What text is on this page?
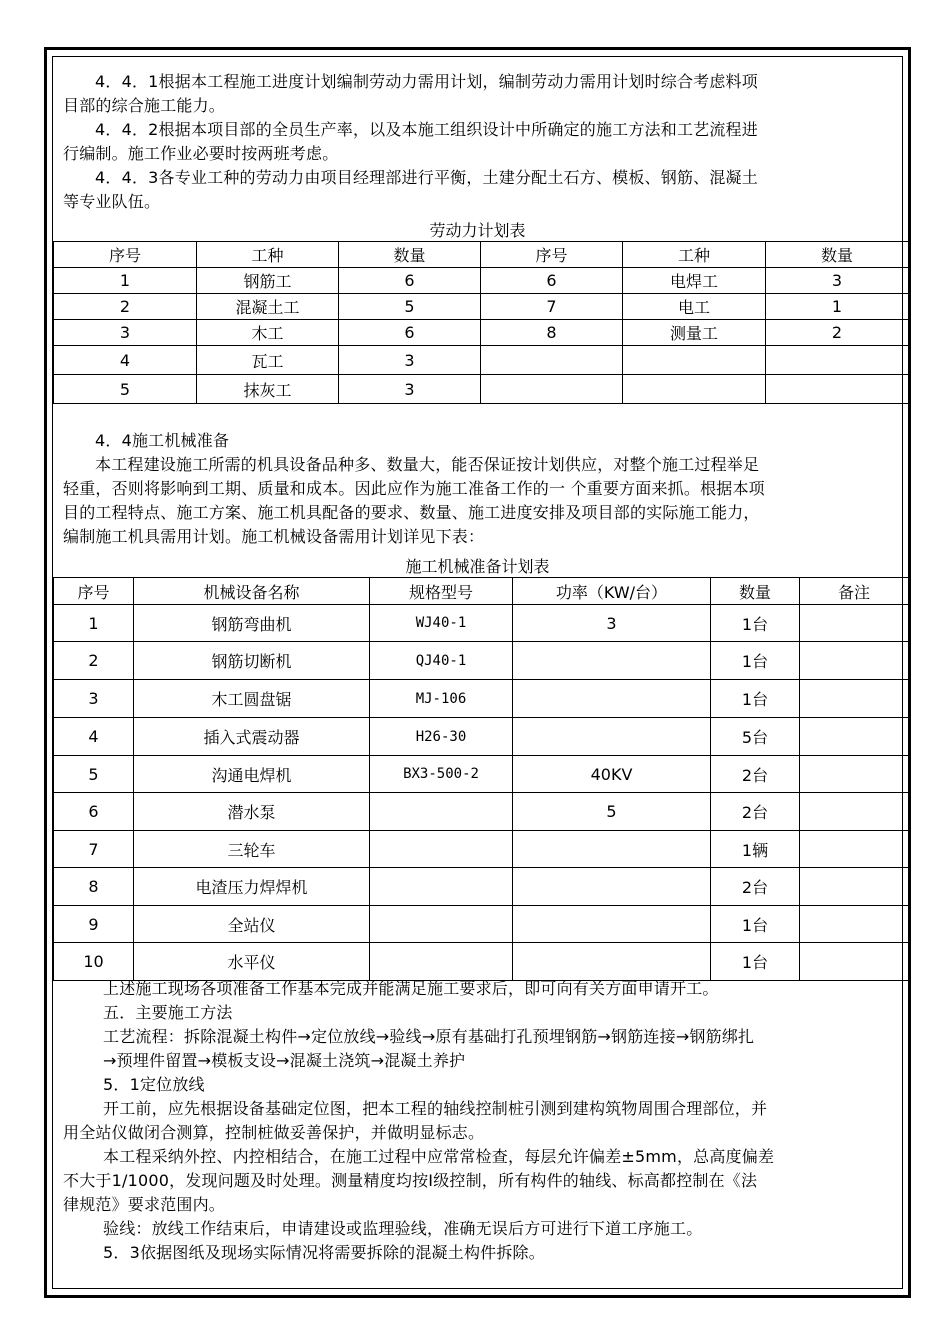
4．4．1根据本工程施工进度计划编制劳动力需用计划，编制劳动力需用计划时综合考虑料项
目部的综合施工能力。
4．4．2根据本项目部的全员生产率，以及本施工组织设计中所确定的施工方法和工艺流程进
行编制。施工作业必要时按两班考虑。
4．4．3各专业工种的劳动力由项目经理部进行平衡，土建分配土石方、模板、钢筋、混凝土
等专业队伍。
劳动力计划表
序号	工种	数量	序号	工种	数量
1	钢筋工	6	6	电焊工	3
2	混凝土工	5	7	电工	1
3	木工	6	8	测量工	2
4	瓦工	3			
5	抹灰工	3			
4．4施工机械准备
本工程建设施工所需的机具设备品种多、数量大，能否保证按计划供应，对整个施工过程举足
轻重，否则将影响到工期、质量和成本。因此应作为施工准备工作的一 个重要方面来抓。根据本项
目的工程特点、施工方案、施工机具配备的要求、数量、施工进度安排及项目部的实际施工能力，
编制施工机具需用计划。施工机械设备需用计划详见下表：
施工机械准备计划表
序号	机械设备名称	规格型号	功率（KW/台）	数量	备注
1	钢筋弯曲机	WJ40-1	3	1台	
2	钢筋切断机	QJ40-1		1台	
3	木工圆盘锯	MJ-106		1台	
4	插入式震动器	H26-30		5台	
5	沟通电焊机	BX3-500-2	40KV	2台	
6	潜水泵		5	2台	
7	三轮车			1辆	
8	电渣压力焊焊机			2台	
9	全站仪			1台	
10	水平仪			1台	
上述施工现场各项准备工作基本完成并能满足施工要求后，即可向有关方面申请开工。
五．主要施工方法
工艺流程：拆除混凝土构件→定位放线→验线→原有基础打孔预埋钢筋→钢筋连接→钢筋绑扎
→预埋件留置→模板支设→混凝土浇筑→混凝土养护
5．1定位放线
开工前，应先根据设备基础定位图，把本工程的轴线控制桩引测到建构筑物周围合理部位，并
用全站仪做闭合测算，控制桩做妥善保护，并做明显标志。
本工程采纳外控、内控相结合，在施工过程中应常常检查，每层允许偏差±5mm，总高度偏差
不大于1/1000，发现问题及时处理。测量精度均按Ⅰ级控制，所有构件的轴线、标高都控制在《法
律规范》要求范围内。
验线：放线工作结束后，申请建设或监理验线，准确无误后方可进行下道工序施工。
5．3依据图纸及现场实际情况将需要拆除的混凝土构件拆除。
